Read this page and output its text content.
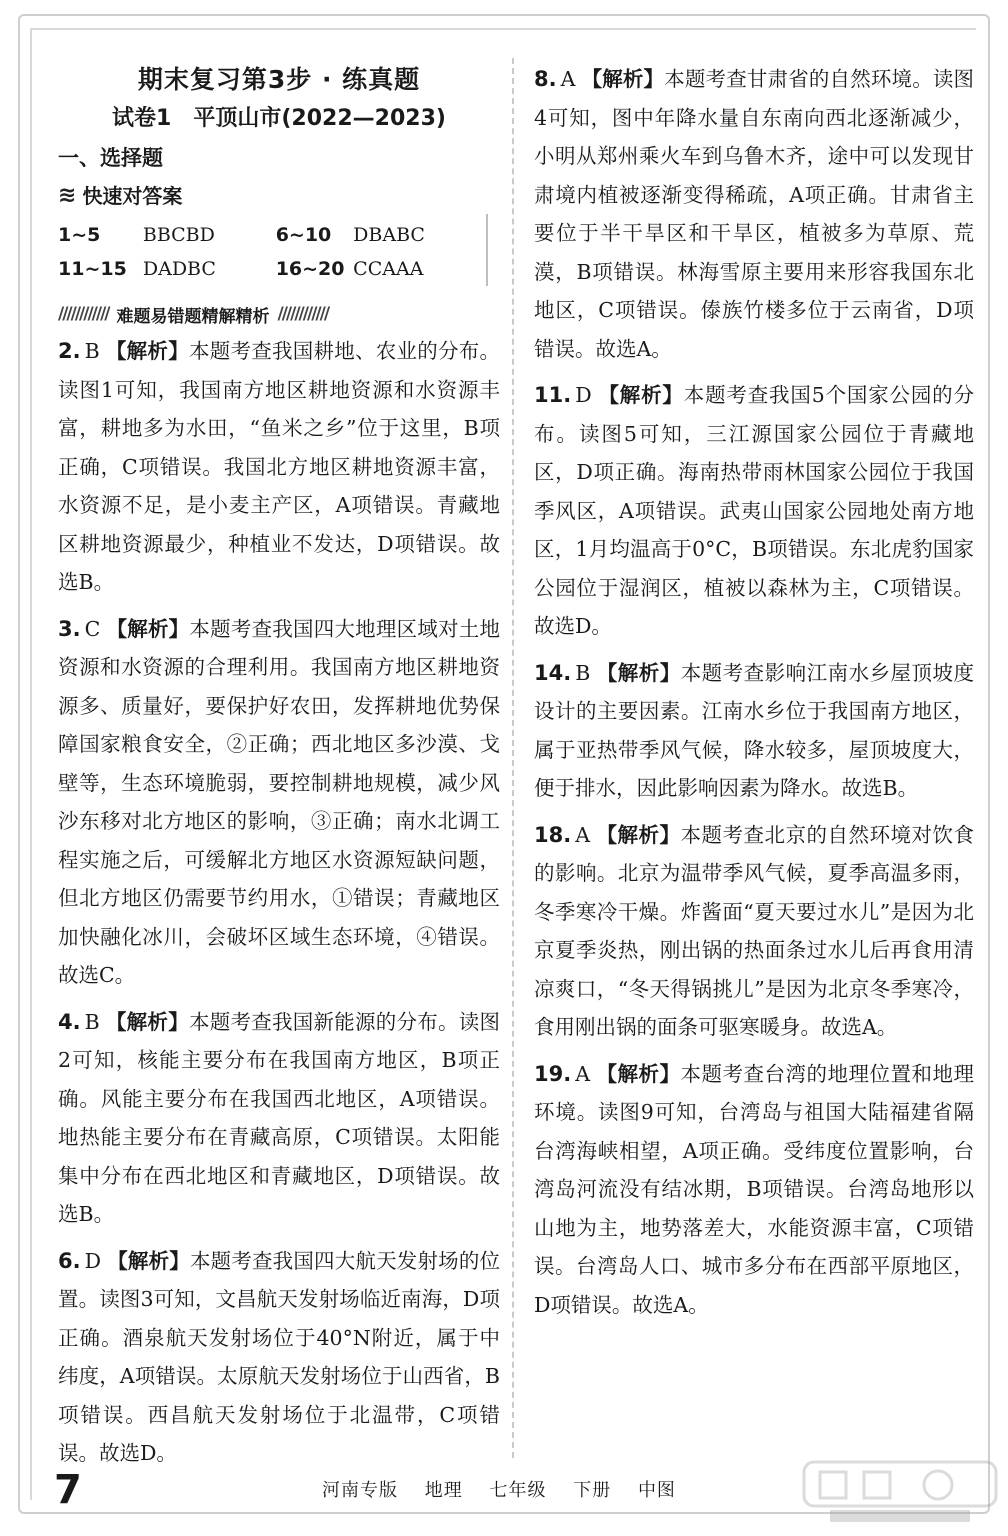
期末复习第3步 · 练真题
试卷1　平顶山市(2022—2023)
一、选择题
≋ 快速对答案
1~5	BBCBD	6~10	DBABC
11~15 DADBC	16~20 CCAAA
//////////// 难题易错题精解精析 ////////////

2. B 【解析】本题考查我国耕地、农业的分布。读图1可知，我国南方地区耕地资源和水资源丰富，耕地多为水田，“鱼米之乡”位于这里，B项正确，C项错误。我国北方地区耕地资源丰富，水资源不足，是小麦主产区，A项错误。青藏地区耕地资源最少，种植业不发达，D项错误。故选B。

3. C 【解析】本题考查我国四大地理区域对土地资源和水资源的合理利用。我国南方地区耕地资源多、质量好，要保护好农田，发挥耕地优势保障国家粮食安全，②正确；西北地区多沙漠、戈壁等，生态环境脆弱，要控制耕地规模，减少风沙东移对北方地区的影响，③正确；南水北调工程实施之后，可缓解北方地区水资源短缺问题，但北方地区仍需要节约用水，①错误；青藏地区加快融化冰川，会破坏区域生态环境，④错误。故选C。

4. B 【解析】本题考查我国新能源的分布。读图2可知，核能主要分布在我国南方地区，B项正确。风能主要分布在我国西北地区，A项错误。地热能主要分布在青藏高原，C项错误。太阳能集中分布在西北地区和青藏地区，D项错误。故选B。

6. D 【解析】本题考查我国四大航天发射场的位置。读图3可知，文昌航天发射场临近南海，D项正确。酒泉航天发射场位于40°N附近，属于中纬度，A项错误。太原航天发射场位于山西省，B项错误。西昌航天发射场位于北温带，C项错误。故选D。

8. A 【解析】本题考查甘肃省的自然环境。读图4可知，图中年降水量自东南向西北逐渐减少，小明从郑州乘火车到乌鲁木齐，途中可以发现甘肃境内植被逐渐变得稀疏，A项正确。甘肃省主要位于半干旱区和干旱区，植被多为草原、荒漠，B项错误。林海雪原主要用来形容我国东北地区，C项错误。傣族竹楼多位于云南省，D项错误。故选A。

11. D 【解析】本题考查我国5个国家公园的分布。读图5可知，三江源国家公园位于青藏地区，D项正确。海南热带雨林国家公园位于我国季风区，A项错误。武夷山国家公园地处南方地区，1月均温高于0°C，B项错误。东北虎豹国家公园位于湿润区，植被以森林为主，C项错误。故选D。

14. B 【解析】本题考查影响江南水乡屋顶坡度设计的主要因素。江南水乡位于我国南方地区，属于亚热带季风气候，降水较多，屋顶坡度大，便于排水，因此影响因素为降水。故选B。

18. A 【解析】本题考查北京的自然环境对饮食的影响。北京为温带季风气候，夏季高温多雨，冬季寒冷干燥。炸酱面“夏天要过水儿”是因为北京夏季炎热，刚出锅的热面条过水儿后再食用清凉爽口，“冬天得锅挑儿”是因为北京冬季寒冷，食用刚出锅的面条可驱寒暖身。故选A。

19. A 【解析】本题考查台湾的地理位置和地理环境。读图9可知，台湾岛与祖国大陆福建省隔台湾海峡相望，A项正确。受纬度位置影响，台湾岛河流没有结冰期，B项错误。台湾岛地形以山地为主，地势落差大，水能资源丰富，C项错误。台湾岛人口、城市多分布在西部平原地区，D项错误。故选A。

7	河南专版 地理 七年级 下册 中图
